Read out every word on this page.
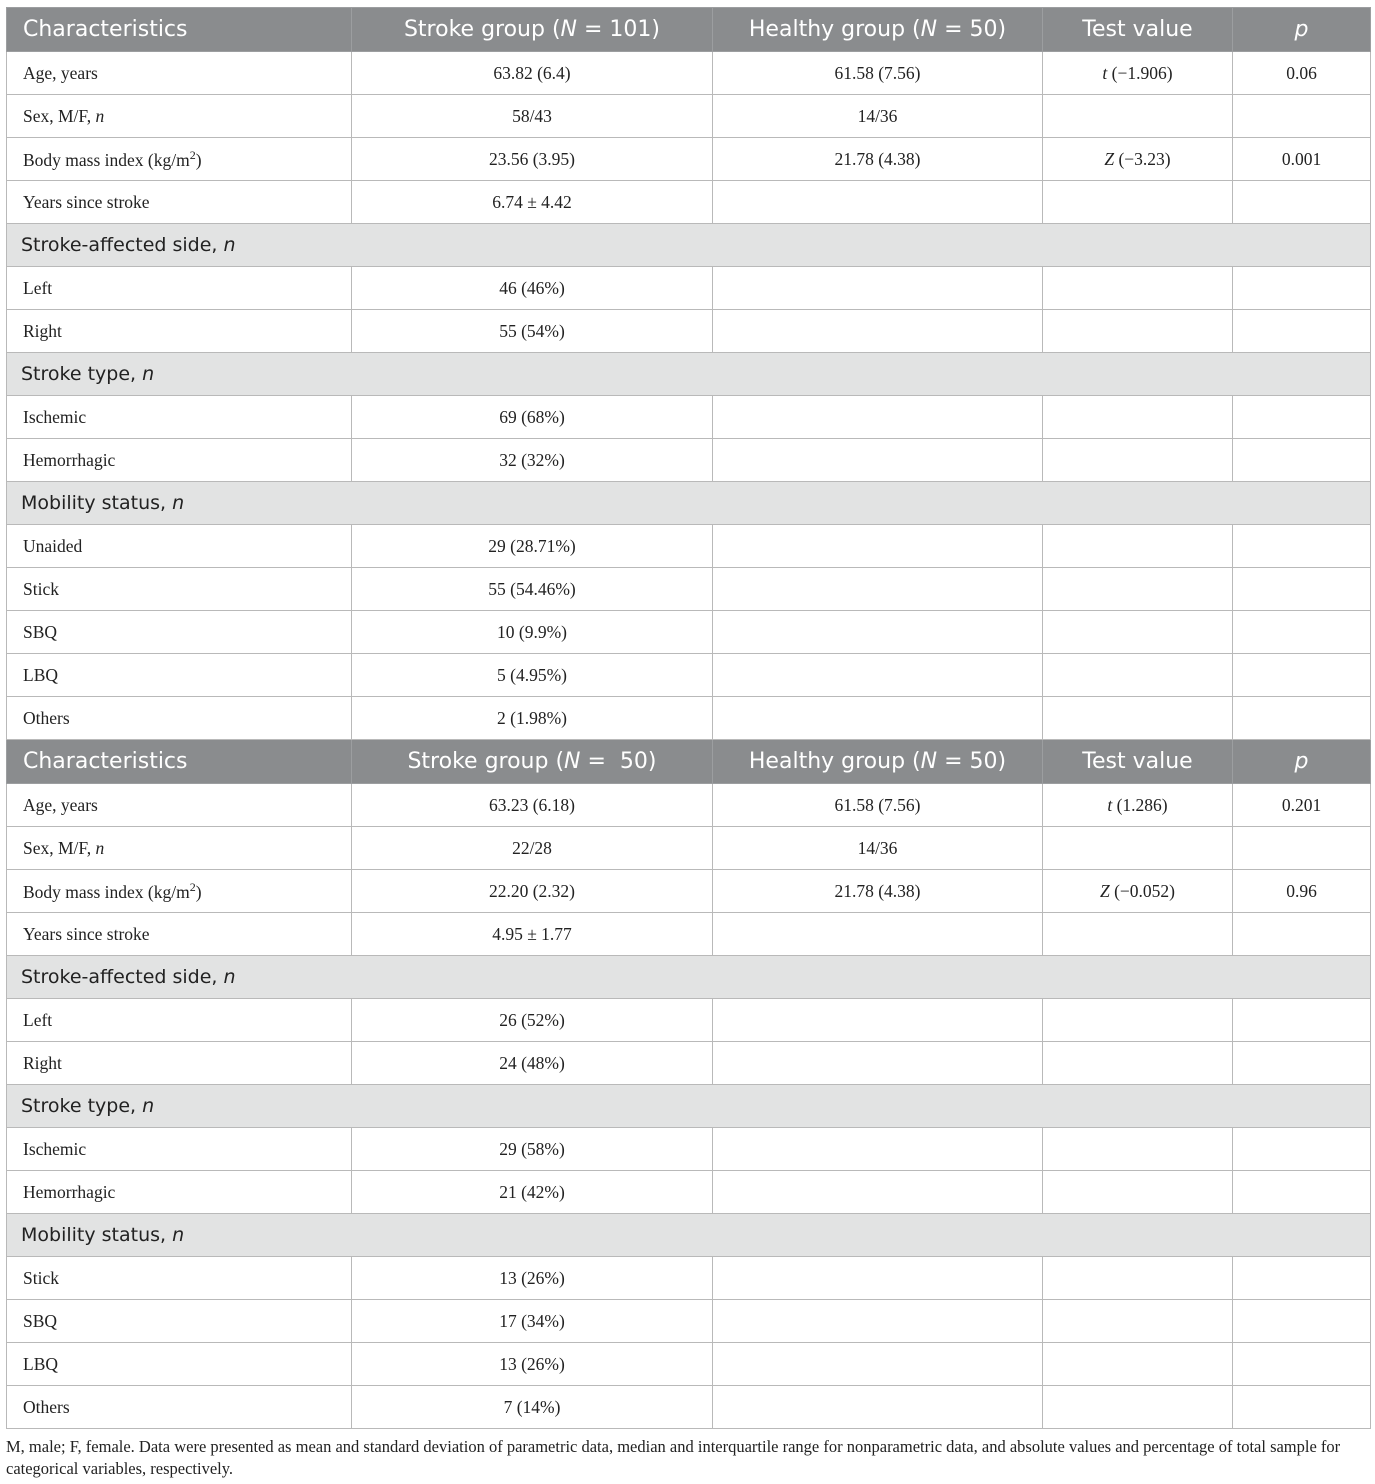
Characteristics	Stroke group (N = 101)	Healthy group (N = 50)	Test value	p
Age, years	63.82 (6.4)	61.58 (7.56)	t (−1.906)	0.06
Sex, M/F, n	58/43	14/36		
Body mass index $(kg/m^2)$	23.56 (3.95)	21.78 (4.38)	Z (−3.23)	0.001
Years since stroke	6.74 ± 4.42			
Stroke-affected side, n				
Left	46 (46%)			
Right	55 (54%)			
Stroke type, n				
Ischemic	69 (68%)			
Hemorrhagic	32 (32%)			
Mobility status, n				
Unaided	29 (28.71%)			
Stick	55 (54.46%)			
SBQ	10 (9.9%)			
LBQ	5 (4.95%)			
Others	2 (1.98%)			
Characteristics	Stroke group (N =  50)	Healthy group (N = 50)	Test value	p
Age, years	63.23 (6.18)	61.58 (7.56)	t (1.286)	0.201
Sex, M/F, n	22/28	14/36		
Body mass index $(kg/m^2)$	22.20 (2.32)	21.78 (4.38)	Z (−0.052)	0.96
Years since stroke	4.95 ± 1.77			
Stroke-affected side, n				
Left	26 (52%)			
Right	24 (48%)			
Stroke type, n				
Ischemic	29 (58%)			
Hemorrhagic	21 (42%)			
Mobility status, n				
Stick	13 (26%)			
SBQ	17 (34%)			
LBQ	13 (26%)			
Others	7 (14%)			
M, male; F, female. Data were presented as mean and standard deviation of parametric data, median and interquartile range for nonparametric data, and absolute values and percentage of total sample for categorical variables, respectively.
